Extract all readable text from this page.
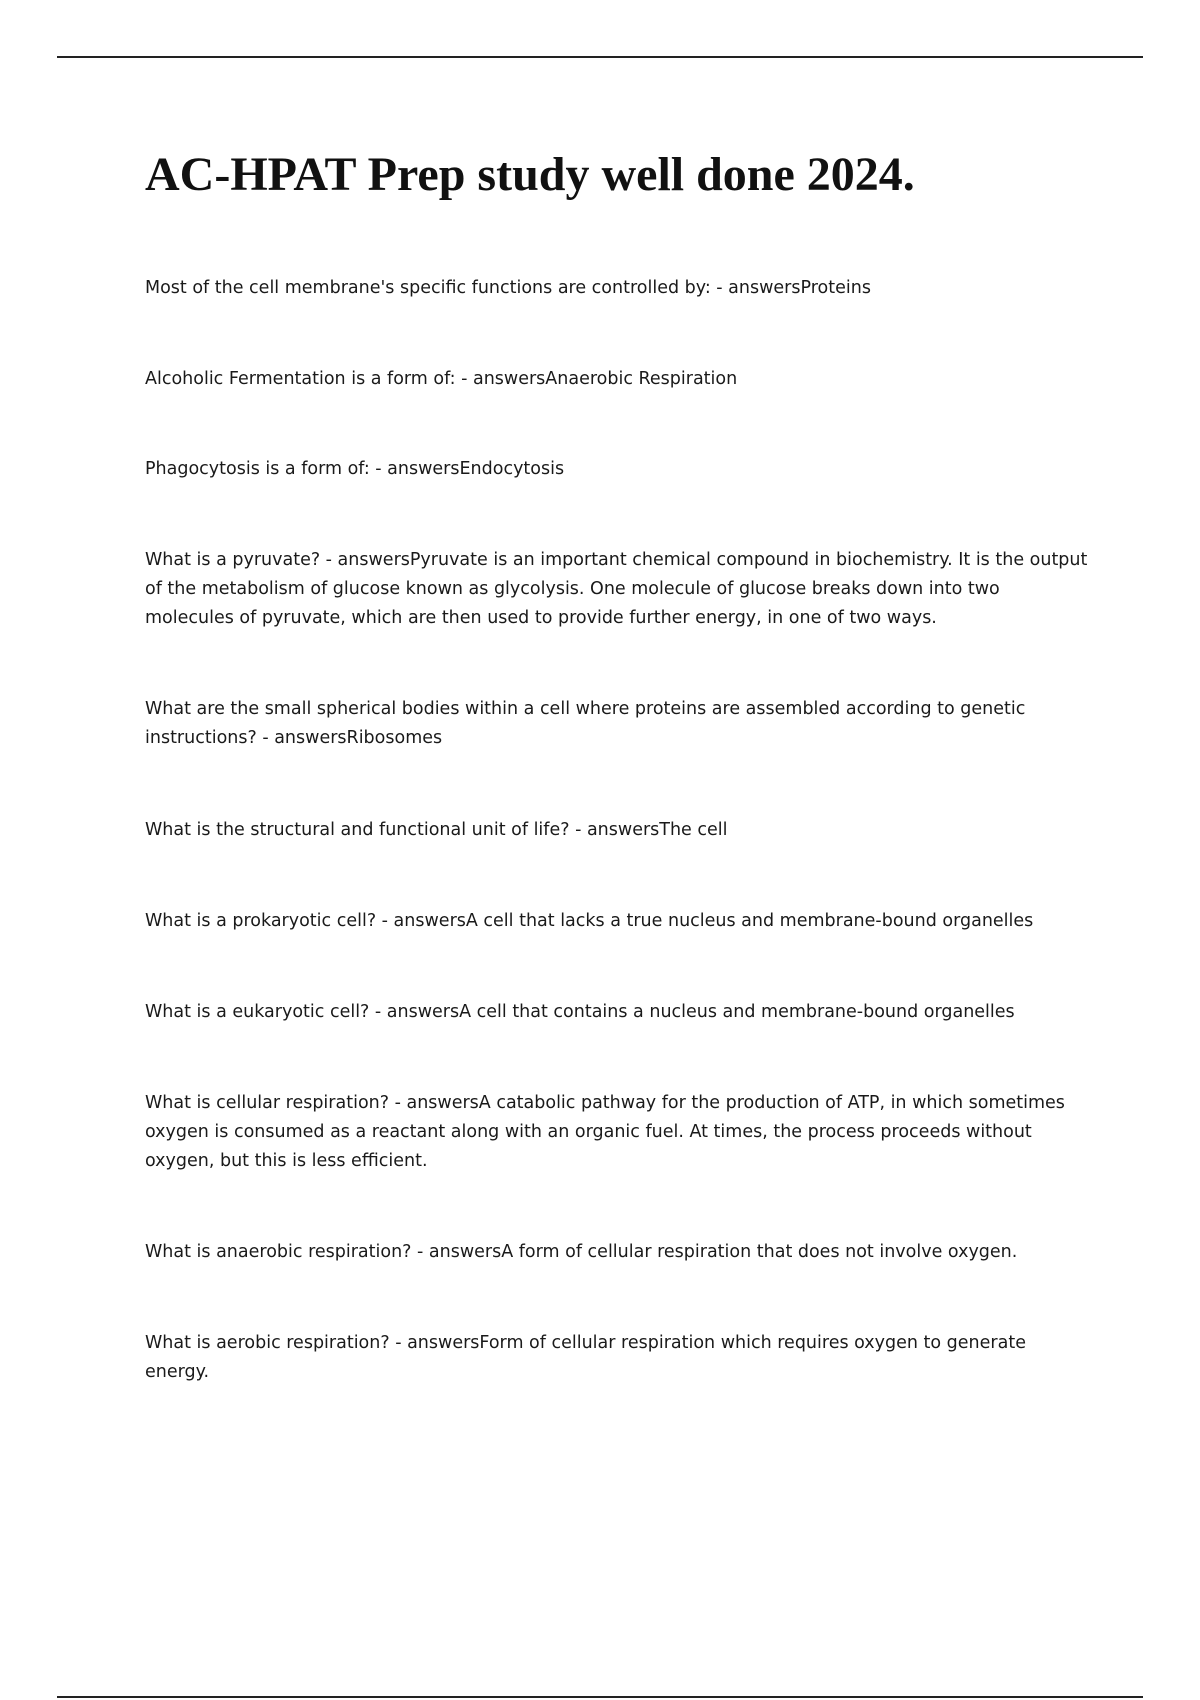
AC-HPAT Prep study well done 2024.

Most of the cell membrane's specific functions are controlled by: - answersProteins

Alcoholic Fermentation is a form of: - answersAnaerobic Respiration

Phagocytosis is a form of: - answersEndocytosis

What is a pyruvate? - answersPyruvate is an important chemical compound in biochemistry. It is the output of the metabolism of glucose known as glycolysis. One molecule of glucose breaks down into two molecules of pyruvate, which are then used to provide further energy, in one of two ways.

What are the small spherical bodies within a cell where proteins are assembled according to genetic instructions? - answersRibosomes

What is the structural and functional unit of life? - answersThe cell

What is a prokaryotic cell? - answersA cell that lacks a true nucleus and membrane-bound organelles

What is a eukaryotic cell? - answersA cell that contains a nucleus and membrane-bound organelles

What is cellular respiration? - answersA catabolic pathway for the production of ATP, in which sometimes oxygen is consumed as a reactant along with an organic fuel. At times, the process proceeds without oxygen, but this is less efficient.

What is anaerobic respiration? - answersA form of cellular respiration that does not involve oxygen.

What is aerobic respiration? - answersForm of cellular respiration which requires oxygen to generate energy.
